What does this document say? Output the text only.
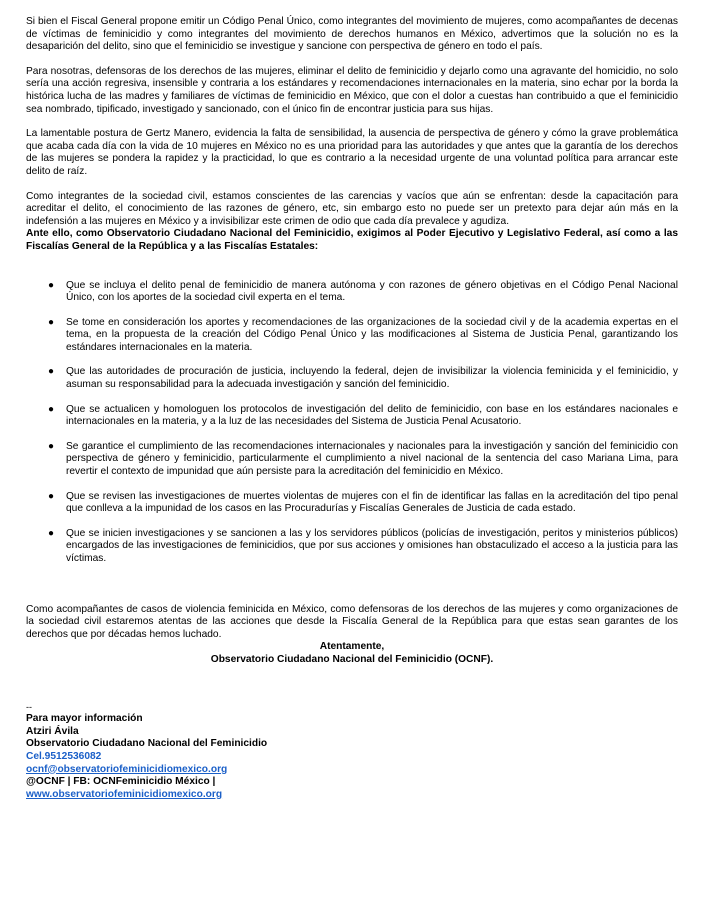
Si bien el Fiscal General propone emitir un Código Penal Único, como integrantes del movimiento de mujeres, como acompañantes de decenas de víctimas de feminicidio y como integrantes del movimiento de derechos humanos en México, advertimos que la solución no es la desaparición del delito, sino que el feminicidio se investigue y sancione con perspectiva de género en todo el país.

Para nosotras, defensoras de los derechos de las mujeres, eliminar el delito de feminicidio y dejarlo como una agravante del homicidio, no solo sería una acción regresiva, insensible y contraria a los estándares y recomendaciones internacionales en la materia, sino echar por la borda la histórica lucha de las madres y familiares de víctimas de feminicidio en México, que con el dolor a cuestas han contribuido a que el feminicidio sea nombrado, tipificado, investigado y sancionado, con el único fin de encontrar justicia para sus hijas.

La lamentable postura de Gertz Manero, evidencia la falta de sensibilidad, la ausencia de perspectiva de género y cómo la grave problemática que acaba cada día con la vida de 10 mujeres en México no es una prioridad para las autoridades y que antes que la garantía de los derechos de las mujeres se pondera la rapidez y la practicidad, lo que es contrario a la necesidad urgente de una voluntad política para arrancar este delito de raíz.

Como integrantes de la sociedad civil, estamos conscientes de las carencias y vacíos que aún se enfrentan: desde la capacitación para acreditar el delito, el conocimiento de las razones de género, etc, sin embargo esto no puede ser un pretexto para dejar aún más en la indefensión a las mujeres en México y a invisibilizar este crimen de odio que cada día prevalece y agudiza.

Ante ello, como Observatorio Ciudadano Nacional del Feminicidio, exigimos al Poder Ejecutivo y Legislativo Federal, así como a las Fiscalías General de la República y a las Fiscalías Estatales:

● Que se incluya el delito penal de feminicidio de manera autónoma y con razones de género objetivas en el Código Penal Nacional Único, con los aportes de la sociedad civil experta en el tema.
● Se tome en consideración los aportes y recomendaciones de las organizaciones de la sociedad civil y de la academia expertas en el tema, en la propuesta de la creación del Código Penal Único y las modificaciones al Sistema de Justicia Penal, garantizando los estándares internacionales en la materia.
● Que las autoridades de procuración de justicia, incluyendo la federal, dejen de invisibilizar la violencia feminicida y el feminicidio, y asuman su responsabilidad para la adecuada investigación y sanción del feminicidio.
● Que se actualicen y homologuen los protocolos de investigación del delito de feminicidio, con base en los estándares nacionales e internacionales en la materia, y a la luz de las necesidades del Sistema de Justicia Penal Acusatorio.
● Se garantice el cumplimiento de las recomendaciones internacionales y nacionales para la investigación y sanción del feminicidio con perspectiva de género y feminicidio, particularmente el cumplimiento a nivel nacional de la sentencia del caso Mariana Lima, para revertir el contexto de impunidad que aún persiste para la acreditación del feminicidio en México.
● Que se revisen las investigaciones de muertes violentas de mujeres con el fin de identificar las fallas en la acreditación del tipo penal que conlleva a la impunidad de los casos en las Procuradurías y Fiscalías Generales de Justicia de cada estado.
● Que se inicien investigaciones y se sancionen a las y los servidores públicos (policías de investigación, peritos y ministerios públicos) encargados de las investigaciones de feminicidios, que por sus acciones y omisiones han obstaculizado el acceso a la justicia para las víctimas.

Como acompañantes de casos de violencia feminicida en México, como defensoras de los derechos de las mujeres y como organizaciones de la sociedad civil estaremos atentas de las acciones que desde la Fiscalía General de la República para que estas sean garantes de los derechos que por décadas hemos luchado.

Atentamente,

Observatorio Ciudadano Nacional del Feminicidio (OCNF).

--
Para mayor información
Atziri Ávila
Observatorio Ciudadano Nacional del Feminicidio
Cel.9512536082
ocnf@observatoriofeminicidiomexico.org
@OCNF | FB: OCNFeminicidio México |
www.observatoriofeminicidiomexico.org
